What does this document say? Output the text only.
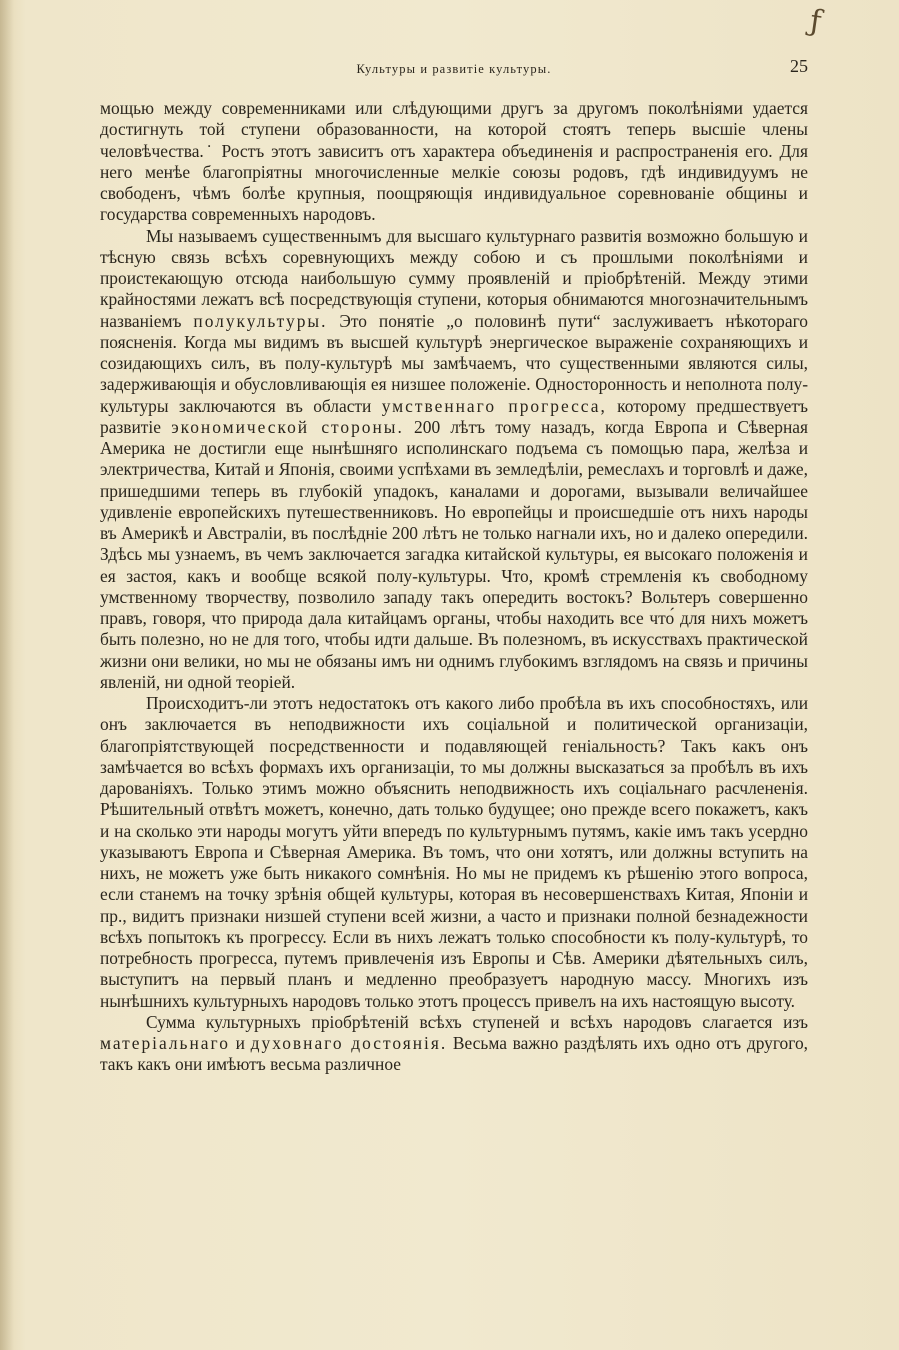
ƒ
Культуры и развитіе культуры.	25

мощью между современниками или слѣдующими другъ за другомъ поколѣніями удается достигнуть той ступени образованности, на которой стоятъ теперь высшіе члены человѣчества.˙ Ростъ этотъ зависитъ отъ характера объединенія и распространенія его. Для него менѣе благопріятны многочисленные мелкіе союзы родовъ, гдѣ индивидуумъ не свободенъ, чѣмъ болѣе крупныя, поощряющія индивидуальное соревнованіе общины и государства современныхъ народовъ.

Мы называемъ существеннымъ для высшаго культурнаго развитія возможно большую и тѣсную связь всѣхъ соревнующихъ между собою и съ прошлыми поколѣніями и проистекающую отсюда наибольшую сумму проявленій и пріобрѣтеній. Между этими крайностями лежатъ всѣ посредствующія ступени, которыя обнимаются многозначительнымъ названіемъ полукультуры. Это понятіе „о половинѣ пути“ заслуживаетъ нѣкотораго поясненія. Когда мы видимъ въ высшей культурѣ энергическое выраженіе сохраняющихъ и созидающихъ силъ, въ полу-культурѣ мы замѣчаемъ, что существенными являются силы, задерживающія и обусловливающія ея низшее положеніе. Односторонность и неполнота полу-культуры заключаются въ области умственнаго прогресса, которому предшествуетъ развитіе экономической стороны. 200 лѣтъ тому назадъ, когда Европа и Сѣверная Америка не достигли еще нынѣшняго исполинскаго подъема съ помощью пара, желѣза и электричества, Китай и Японія, своими успѣхами въ земледѣліи, ремеслахъ и торговлѣ и даже, пришедшими теперь въ глубокій упадокъ, каналами и дорогами, вызывали величайшее удивленіе европейскихъ путешественниковъ. Но европейцы и происшедшіе отъ нихъ народы въ Америкѣ и Австраліи, въ послѣдніе 200 лѣтъ не только нагнали ихъ, но и далеко опередили. Здѣсь мы узнаемъ, въ чемъ заключается загадка китайской культуры, ея высокаго положенія и ея застоя, какъ и вообще всякой полу-культуры. Что, кромѣ стремленія къ свободному умственному творчеству, позволило западу такъ опередить востокъ? Вольтеръ совершенно правъ, говоря, что природа дала китайцамъ органы, чтобы находить все что́ для нихъ можетъ быть полезно, но не для того, чтобы идти дальше. Въ полезномъ, въ искусствахъ практической жизни они велики, но мы не обязаны имъ ни однимъ глубокимъ взглядомъ на связь и причины явленій, ни одной теоріей.

Происходитъ-ли этотъ недостатокъ отъ какого либо пробѣла въ ихъ способностяхъ, или онъ заключается въ неподвижности ихъ соціальной и политической организаціи, благопріятствующей посредственности и подавляющей геніальность? Такъ какъ онъ замѣчается во всѣхъ формахъ ихъ организаціи, то мы должны высказаться за пробѣлъ въ ихъ дарованіяхъ. Только этимъ можно объяснить неподвижность ихъ соціальнаго расчлененія. Рѣшительный отвѣтъ можетъ, конечно, дать только будущее; оно прежде всего покажетъ, какъ и на сколько эти народы могутъ уйти впередъ по культурнымъ путямъ, какіе имъ такъ усердно указываютъ Европа и Сѣверная Америка. Въ томъ, что они хотятъ, или должны вступить на нихъ, не можетъ уже быть никакого сомнѣнія. Но мы не придемъ къ рѣшенію этого вопроса, если станемъ на точку зрѣнія общей культуры, которая въ несовершенствахъ Китая, Японіи и пр., видитъ признаки низшей ступени всей жизни, а часто и признаки полной безнадежности всѣхъ попытокъ къ прогрессу. Если въ нихъ лежатъ только способности къ полу-культурѣ, то потребность прогресса, путемъ привлеченія изъ Европы и Сѣв. Америки дѣятельныхъ силъ, выступитъ на первый планъ и медленно преобразуетъ народную массу. Многихъ изъ нынѣшнихъ культурныхъ народовъ только этотъ процессъ привелъ на ихъ настоящую высоту.

Сумма культурныхъ пріобрѣтеній всѣхъ ступеней и всѣхъ народовъ слагается изъ матеріальнаго и духовнаго достоянія. Весьма важно раздѣлять ихъ одно отъ другого, такъ какъ они имѣютъ весьма различное
